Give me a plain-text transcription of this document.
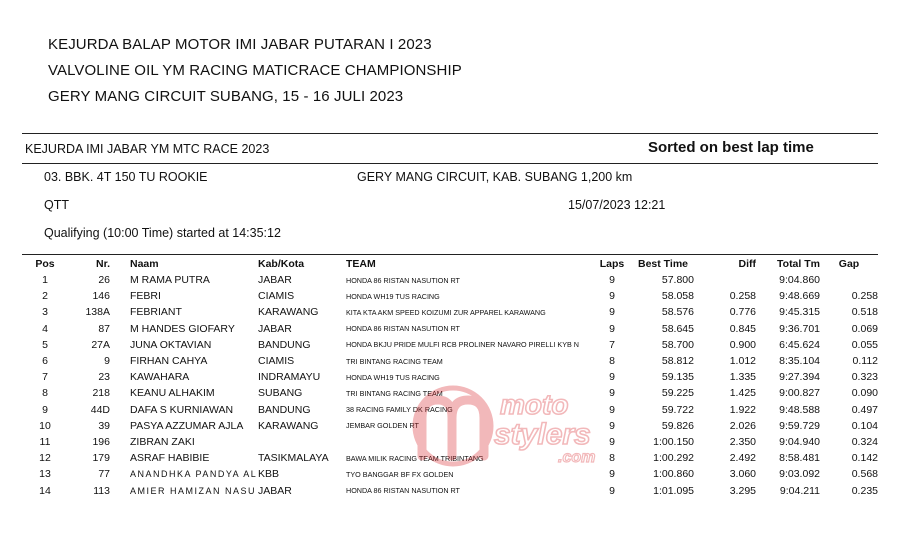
KEJURDA BALAP MOTOR IMI JABAR PUTARAN I 2023
VALVOLINE OIL YM RACING MATICRACE CHAMPIONSHIP
GERY MANG CIRCUIT SUBANG, 15 - 16 JULI 2023
KEJURDA IMI JABAR YM MTC RACE 2023	Sorted on best lap time
03. BBK. 4T 150 TU ROOKIE	GERY MANG CIRCUIT, KAB. SUBANG 1,200 km
QTT	15/07/2023 12:21
Qualifying (10:00 Time) started at 14:35:12
Pos	Nr.	Naam	Kab/Kota	TEAM	Laps	Best Time	Diff	Total Tm	Gap
1	26	M RAMA PUTRA	JABAR	HONDA 86 RISTAN NASUTION RT	9	57.800		9:04.860	
2	146	FEBRI	CIAMIS	HONDA WH19 TUS RACING	9	58.058	0.258	9:48.669	0.258
3	138A	FEBRIANT	KARAWANG	KITA KTA AKM SPEED KOIZUMI ZUR APPAREL KARAWANG	9	58.576	0.776	9:45.315	0.518
4	87	M HANDES GIOFARY	JABAR	HONDA 86 RISTAN NASUTION RT	9	58.645	0.845	9:36.701	0.069
5	27A	JUNA OKTAVIAN	BANDUNG	HONDA BKJU PRIDE MULFI RCB PROLINER NAVARO PIRELLI KYB N	7	58.700	0.900	6:45.624	0.055
6	9	FIRHAN CAHYA	CIAMIS	TRI BINTANG RACING TEAM	8	58.812	1.012	8:35.104	0.112
7	23	KAWAHARA	INDRAMAYU	HONDA WH19 TUS RACING	9	59.135	1.335	9:27.394	0.323
8	218	KEANU ALHAKIM	SUBANG	TRI BINTANG RACING TEAM	9	59.225	1.425	9:00.827	0.090
9	44D	DAFA S KURNIAWAN	BANDUNG	38 RACING FAMILY DK RACING	9	59.722	1.922	9:48.588	0.497
10	39	PASYA AZZUMAR AJLA	KARAWANG	JEMBAR GOLDEN RT	9	59.826	2.026	9:59.729	0.104
11	196	ZIBRAN ZAKI			9	1:00.150	2.350	9:04.940	0.324
12	179	ASRAF HABIBIE	TASIKMALAYA	BAWA MILIK RACING TEAM TRIBINTANG	8	1:00.292	2.492	8:58.481	0.142
13	77	ANANDHKA PANDYA AL	KBB	TYO BANGGAR BF FX GOLDEN	9	1:00.860	3.060	9:03.092	0.568
14	113	AMIER HAMIZAN NASU	JABAR	HONDA 86 RISTAN NASUTION RT	9	1:01.095	3.295	9:04.211	0.235
moto
stylers
.com
